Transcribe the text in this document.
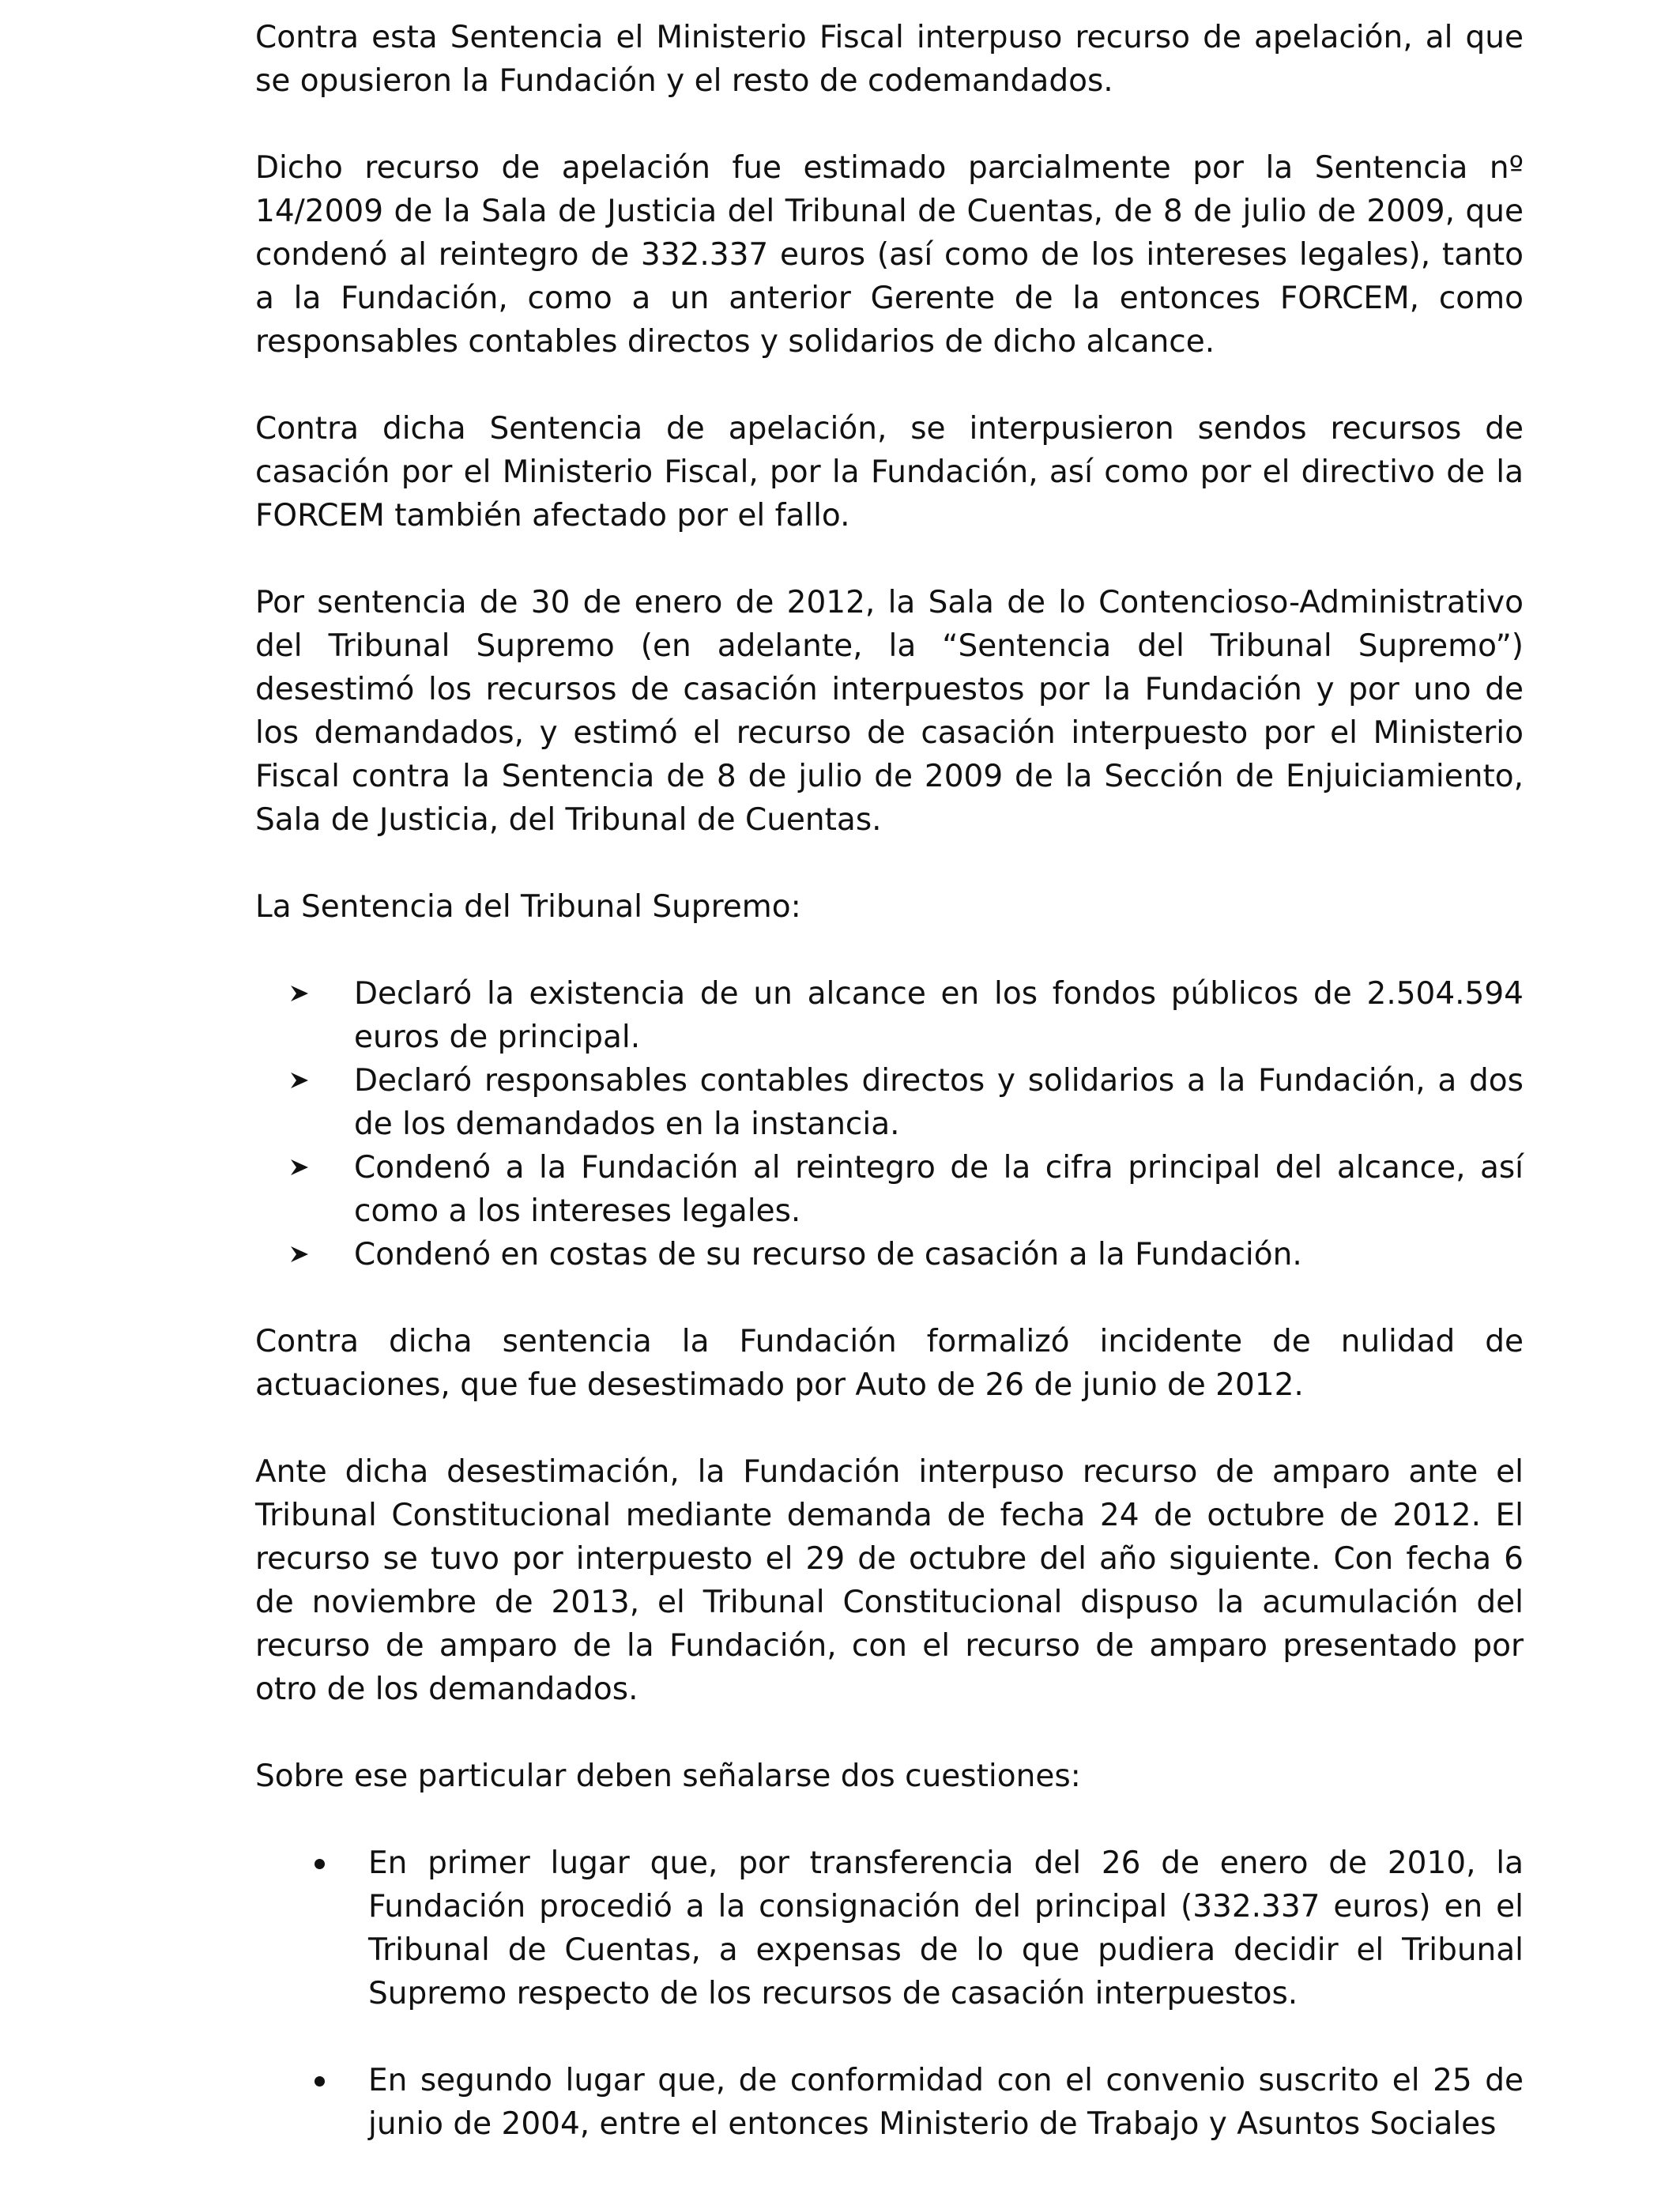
Contra esta Sentencia el Ministerio Fiscal interpuso recurso de apelación, al que se opusieron la Fundación y el resto de codemandados.

Dicho recurso de apelación fue estimado parcialmente por la Sentencia nº 14/2009 de la Sala de Justicia del Tribunal de Cuentas, de 8 de julio de 2009, que condenó al reintegro de 332.337 euros (así como de los intereses legales), tanto a la Fundación, como a un anterior Gerente de la entonces FORCEM, como responsables contables directos y solidarios de dicho alcance.

Contra dicha Sentencia de apelación, se interpusieron sendos recursos de casación por el Ministerio Fiscal, por la Fundación, así como por el directivo de la FORCEM también afectado por el fallo.

Por sentencia de 30 de enero de 2012, la Sala de lo Contencioso-Administrativo del Tribunal Supremo (en adelante, la “Sentencia del Tribunal Supremo”) desestimó los recursos de casación interpuestos por la Fundación y por uno de los demandados, y estimó el recurso de casación interpuesto por el Ministerio Fiscal contra la Sentencia de 8 de julio de 2009 de la Sección de Enjuiciamiento, Sala de Justicia, del Tribunal de Cuentas.

La Sentencia del Tribunal Supremo:

Declaró la existencia de un alcance en los fondos públicos de 2.504.594 euros de principal.
Declaró responsables contables directos y solidarios a la Fundación, a dos de los demandados en la instancia.
Condenó a la Fundación al reintegro de la cifra principal del alcance, así como a los intereses legales.
Condenó en costas de su recurso de casación a la Fundación.

Contra dicha sentencia la Fundación formalizó incidente de nulidad de actuaciones, que fue desestimado por Auto de 26 de junio de 2012.

Ante dicha desestimación, la Fundación interpuso recurso de amparo ante el Tribunal Constitucional mediante demanda de fecha 24 de octubre de 2012. El recurso se tuvo por interpuesto el 29 de octubre del año siguiente. Con fecha 6 de noviembre de 2013, el Tribunal Constitucional dispuso la acumulación del recurso de amparo de la Fundación, con el recurso de amparo presentado por otro de los demandados.

Sobre ese particular deben señalarse dos cuestiones:

En primer lugar que, por transferencia del 26 de enero de 2010, la Fundación procedió a la consignación del principal (332.337 euros) en el Tribunal de Cuentas, a expensas de lo que pudiera decidir el Tribunal Supremo respecto de los recursos de casación interpuestos.
En segundo lugar que, de conformidad con el convenio suscrito el 25 de junio de 2004, entre el entonces Ministerio de Trabajo y Asuntos Sociales
